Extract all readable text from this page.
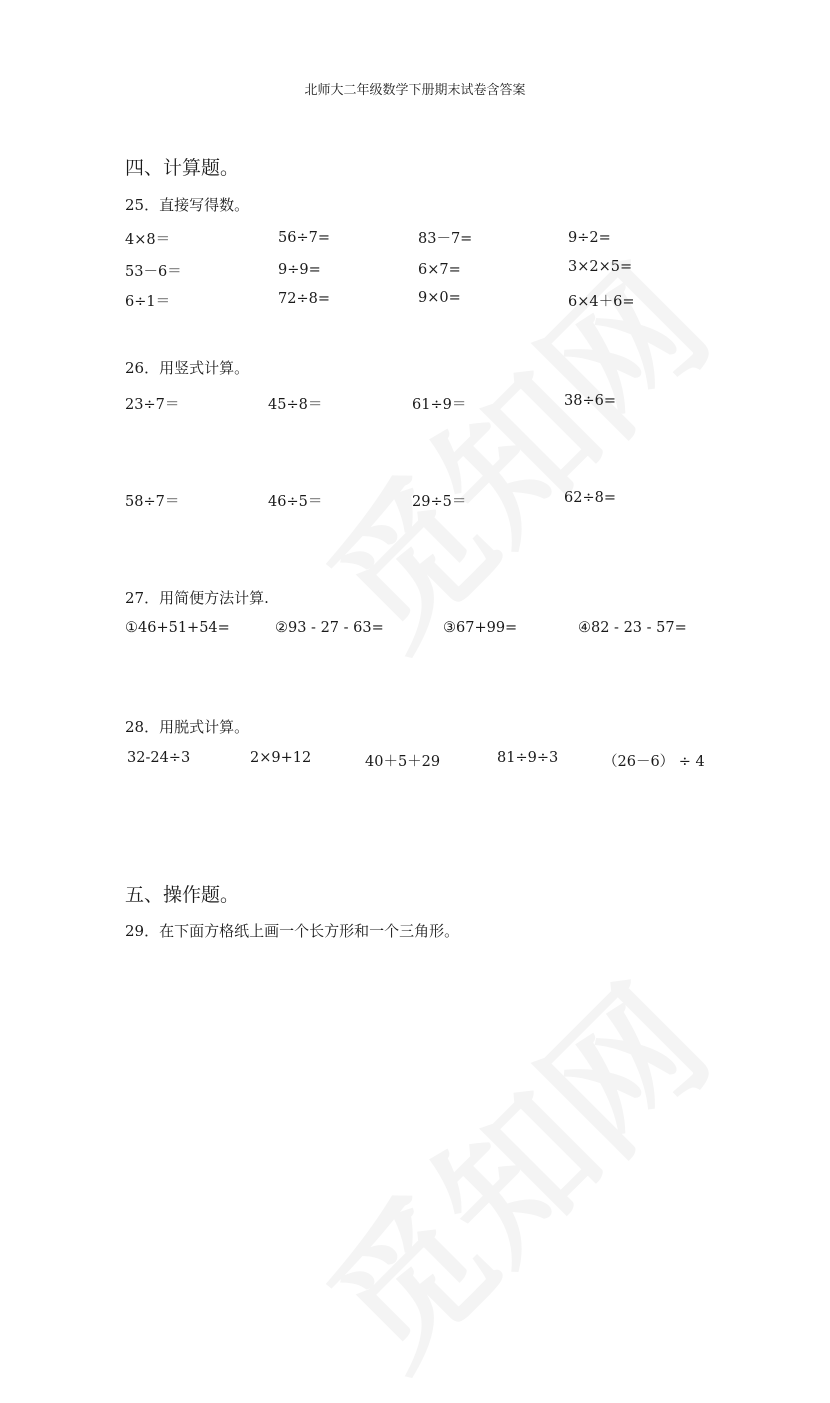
北师大二年级数学下册期末试卷含答案
四、计算题。
25．直接写得数。
4×8＝	56÷7=	83－7=	9÷2=
53－6＝	9÷9=	6×7=	3×2×5=
6÷1＝	72÷8=	9×0=	6×4＋6=
26．用竖式计算。
23÷7＝	45÷8＝	61÷9＝	38÷6=
58÷7＝	46÷5＝	29÷5＝	62÷8=
27．用简便方法计算.
①46+51+54=	②93 - 27 - 63=	③67+99=	④82 - 23 - 57=
28．用脱式计算。
32-24÷3	2×9+12	40＋5＋29	81÷9÷3	（26－6） ÷ 4
五、操作题。
29．在下面方格纸上画一个长方形和一个三角形。
